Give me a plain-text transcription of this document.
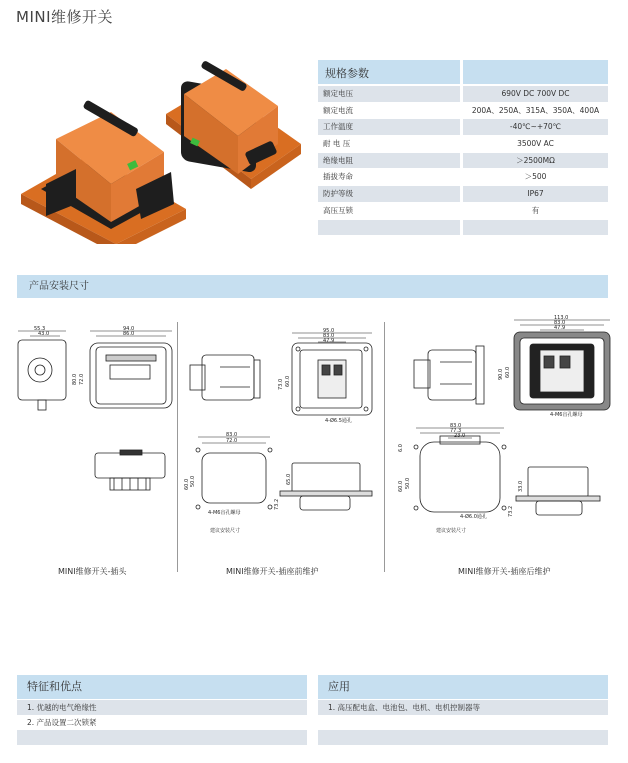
MINI维修开关
规格参数
额定电压	690V DC 700V DC
额定电流	200A、250A、315A、350A、400A
工作温度	-40℃~+70℃
耐 电 压	3500V AC
绝缘电阻	＞2500MΩ
插拔寿命	＞500
防护等级	IP67
高压互锁	有
产品安装尺寸
55.3
43.0
94.0
86.0
80.0 72.0
95.0
83.0
47.9
73.0 60.0
4-Ø6.5通孔
83.0
72.0
60.0 50.0
4-M6盲孔螺母
65.0
73.2
建议安装尺寸
113.0
83.0
47.9
90.0 60.0
4-M6盲孔螺母
83.0
77.3
23.0
6.0
60.0 50.0
4-Ø6.0通孔	73.2
33.0
建议安装尺寸
MINI维修开关-插头	MINI维修开关-插座前维护	MINI维修开关-插座后维护
特征和优点
1. 优越的电气绝缘性
2. 产品设置二次锁紧
应用
1. 高压配电盒、电池包、电机、电机控制器等
